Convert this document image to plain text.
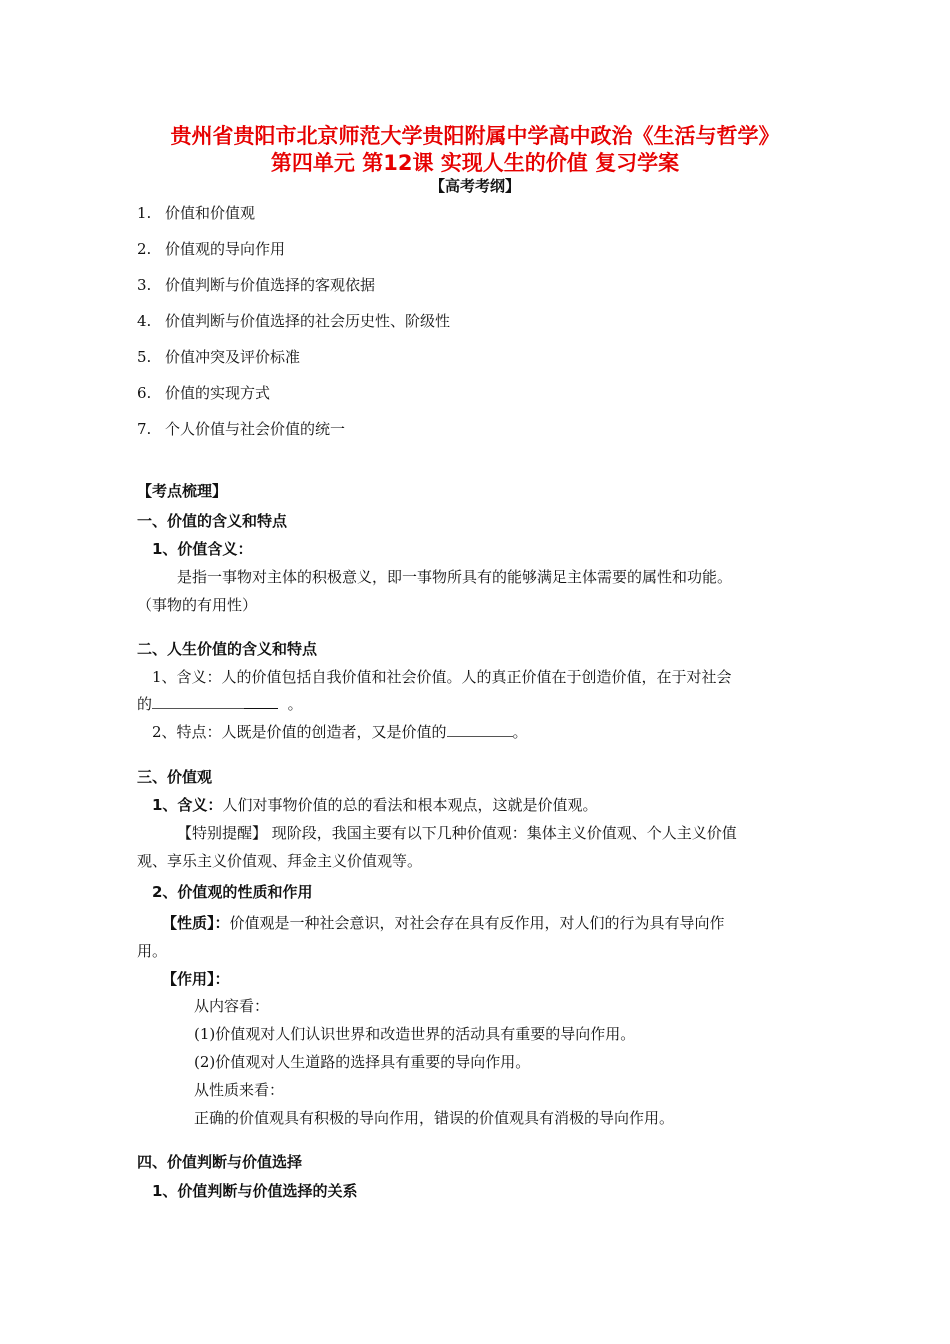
贵州省贵阳市北京师范大学贵阳附属中学高中政治《生活与哲学》
第四单元 第12课 实现人生的价值 复习学案
【高考考纲】
1. 价值和价值观
2. 价值观的导向作用
3. 价值判断与价值选择的客观依据
4. 价值判断与价值选择的社会历史性、阶级性
5. 价值冲突及评价标准
6. 价值的实现方式
7. 个人价值与社会价值的统一
【考点梳理】
一、价值的含义和特点
1、价值含义：
是指一事物对主体的积极意义，即一事物所具有的能够满足主体需要的属性和功能。
（事物的有用性）
二、人生价值的含义和特点
1、含义：人的价值包括自我价值和社会价值。人的真正价值在于创造价值，在于对社会
的	。
2、特点：人既是价值的创造者，又是价值的	。
三、价值观
1、含义：人们对事物价值的总的看法和根本观点，这就是价值观。
【特别提醒】 现阶段，我国主要有以下几种价值观：集体主义价值观、个人主义价值
观、享乐主义价值观、拜金主义价值观等。
2、价值观的性质和作用
【性质】：价值观是一种社会意识，对社会存在具有反作用，对人们的行为具有导向作
用。
【作用】：
从内容看：
(1)价值观对人们认识世界和改造世界的活动具有重要的导向作用。
(2)价值观对人生道路的选择具有重要的导向作用。
从性质来看：
正确的价值观具有积极的导向作用，错误的价值观具有消极的导向作用。
四、价值判断与价值选择
1、价值判断与价值选择的关系
